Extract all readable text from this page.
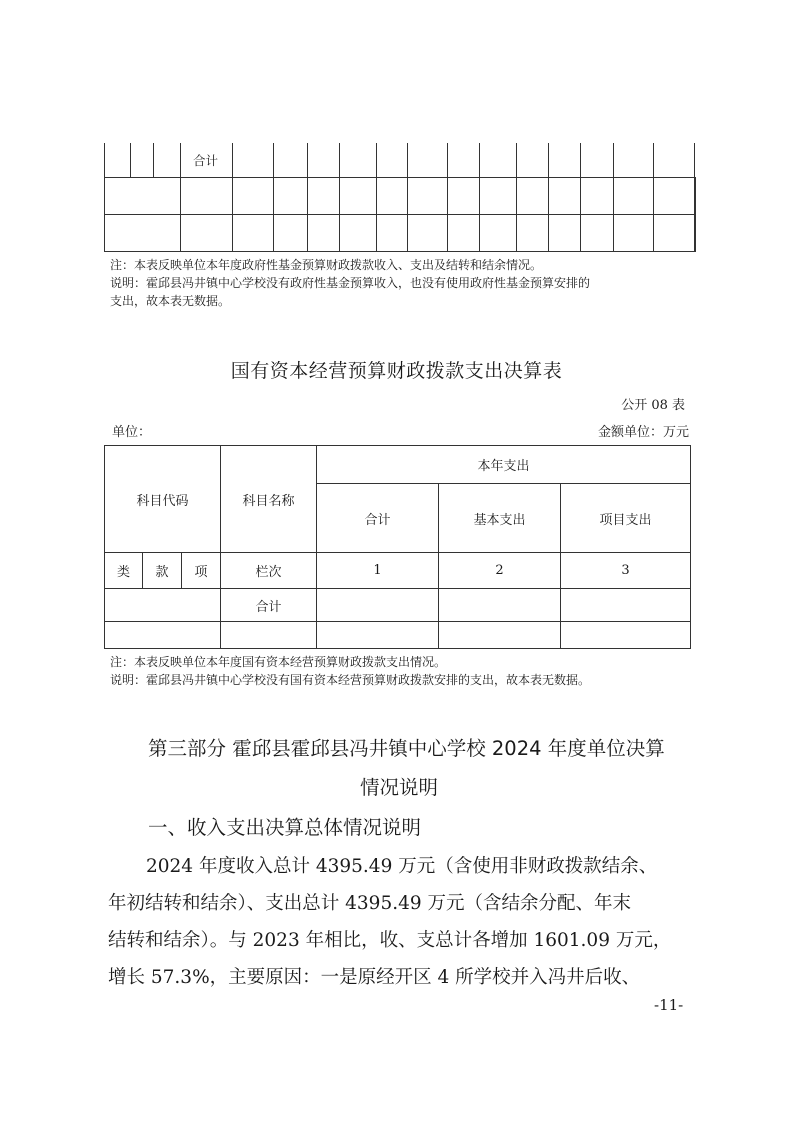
			合计														

注：本表反映单位本年度政府性基金预算财政拨款收入、支出及结转和结余情况。
说明：霍邱县冯井镇中心学校没有政府性基金预算收入，也没有使用政府性基金预算安排的
支出，故本表无数据。
国有资本经营预算财政拨款支出决算表
公开 08 表
单位：	金额单位：万元
科目代码			科目名称	本年支出		
				合计	基本支出	项目支出
类	款	项	栏次	1	2	3
			合计			

注：本表反映单位本年度国有资本经营预算财政拨款支出情况。
说明：霍邱县冯井镇中心学校没有国有资本经营预算财政拨款安排的支出，故本表无数据。
第三部分 霍邱县霍邱县冯井镇中心学校 2024 年度单位决算
情况说明
一、收入支出决算总体情况说明
2024 年度收入总计 4395.49 万元（含使用非财政拨款结余、
年初结转和结余）、支出总计 4395.49 万元（含结余分配、年末
结转和结余）。与 2023 年相比，收、支总计各增加 1601.09 万元，
增长 57.3%，主要原因：一是原经开区 4 所学校并入冯井后收、
-11-
